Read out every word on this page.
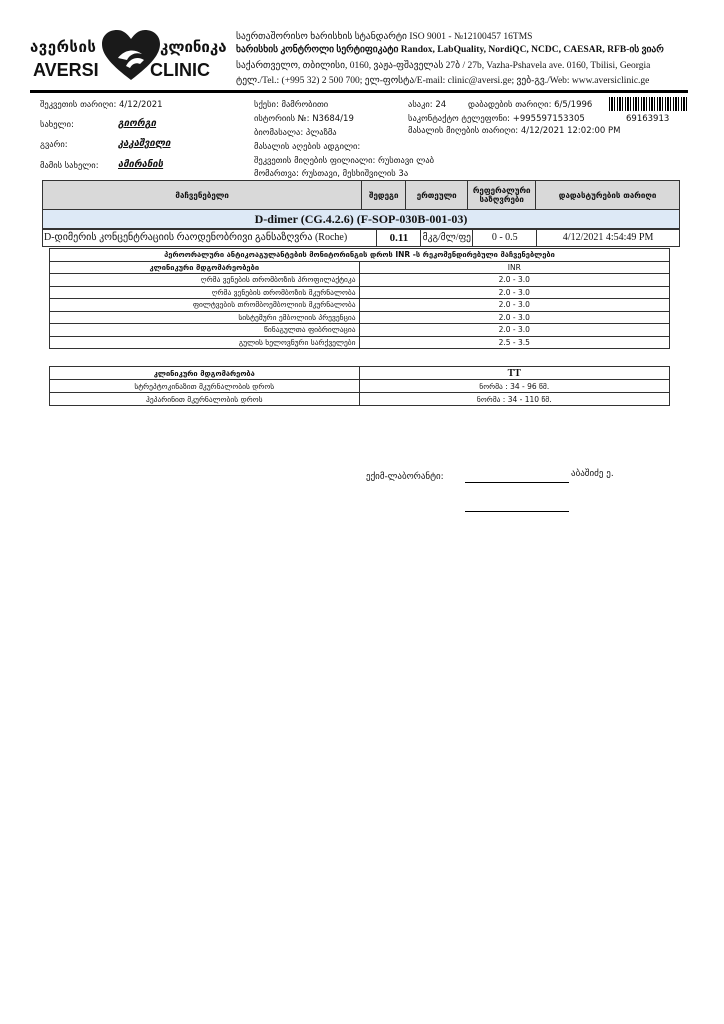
ავერსის	კლინიკა
AVERSI	CLINIC
საერთაშორისო ხარისხის სტანდარტი ISO 9001 - №12100457 16TMS
ხარისხის კონტროლი სერტიფიკატი Randox, LabQuality, NordiQC, NCDC, CAESAR, RFB-ის ვიარ
საქართველო, თბილისი, 0160, ვაჟა-ფშაველას 27ბ / 27b, Vazha-Pshavela ave. 0160, Tbilisi, Georgia
ტელ./Tel.: (+995 32) 2 500 700; ელ-ფოსტა/E-mail: clinic@aversi.ge; ვებ-გვ./Web: www.aversiclinic.ge
შეკვეთის თარიღი: 4/12/2021
სახელი:	გიორგი
გვარი:	კაკაშვილი
მამის სახელი: ამირანის
სქესი: მამრობითი
ისტორიის №: N3684/19
ბიომასალა: პლაზმა
მასალის აღების ადგილი:
შეკვეთის მიღების ფილიალი: რუსთავი ლაბ
მომართვა: რუსთავი, მესხიშვილის 3ა
ასაკი: 24	დაბადების თარიღი: 6/5/1996
საკონტაქტო ტელეფონი: +995597153305	69163913
მასალის მიღების თარიღი: 4/12/2021 12:02:00 PM
მაჩვენებელი	შედეგი	ერთეული	რეფერალური საზღვრები	დადასტურების თარიღი
D-dimer (CG.4.2.6) (F-SOP-030B-001-03)
D-დიმერის კონცენტრაციის რაოდენობრივი განსაზღვრა (Roche)	0.11	მკგ/მლ/ფე	0 - 0.5	4/12/2021 4:54:49 PM
პეროორალური ანტიკოაგულანტების მონიტორინგის დროს INR -ს რეკომენდირებული მაჩვენებლები	
კლინიკური მდგომარეობები	INR
ღრმა ვენების თრომბოზის პროფილაქტიკა	2.0 - 3.0
ღრმა ვენების თრომბოზის მკურნალობა	2.0 - 3.0
ფილტვების თრომბოემბოლიის მკურნალობა	2.0 - 3.0
სისტემური ემბოლიის პრევენცია	2.0 - 3.0
წინაგულთა ფიბრილაცია	2.0 - 3.0
გულის ხელოვნური სარქველები	2.5 - 3.5
კლინიკური მდგომარეობა	TT
სტრეპტოკინაზით მკურნალობის დროს	ნორმა : 34 - 96 წმ.
ჰეპარინით მკურნალობის დროს	ნორმა : 34 - 110 წმ.
ექიმ-ლაბორანტი:	აბაშიძე ე.
